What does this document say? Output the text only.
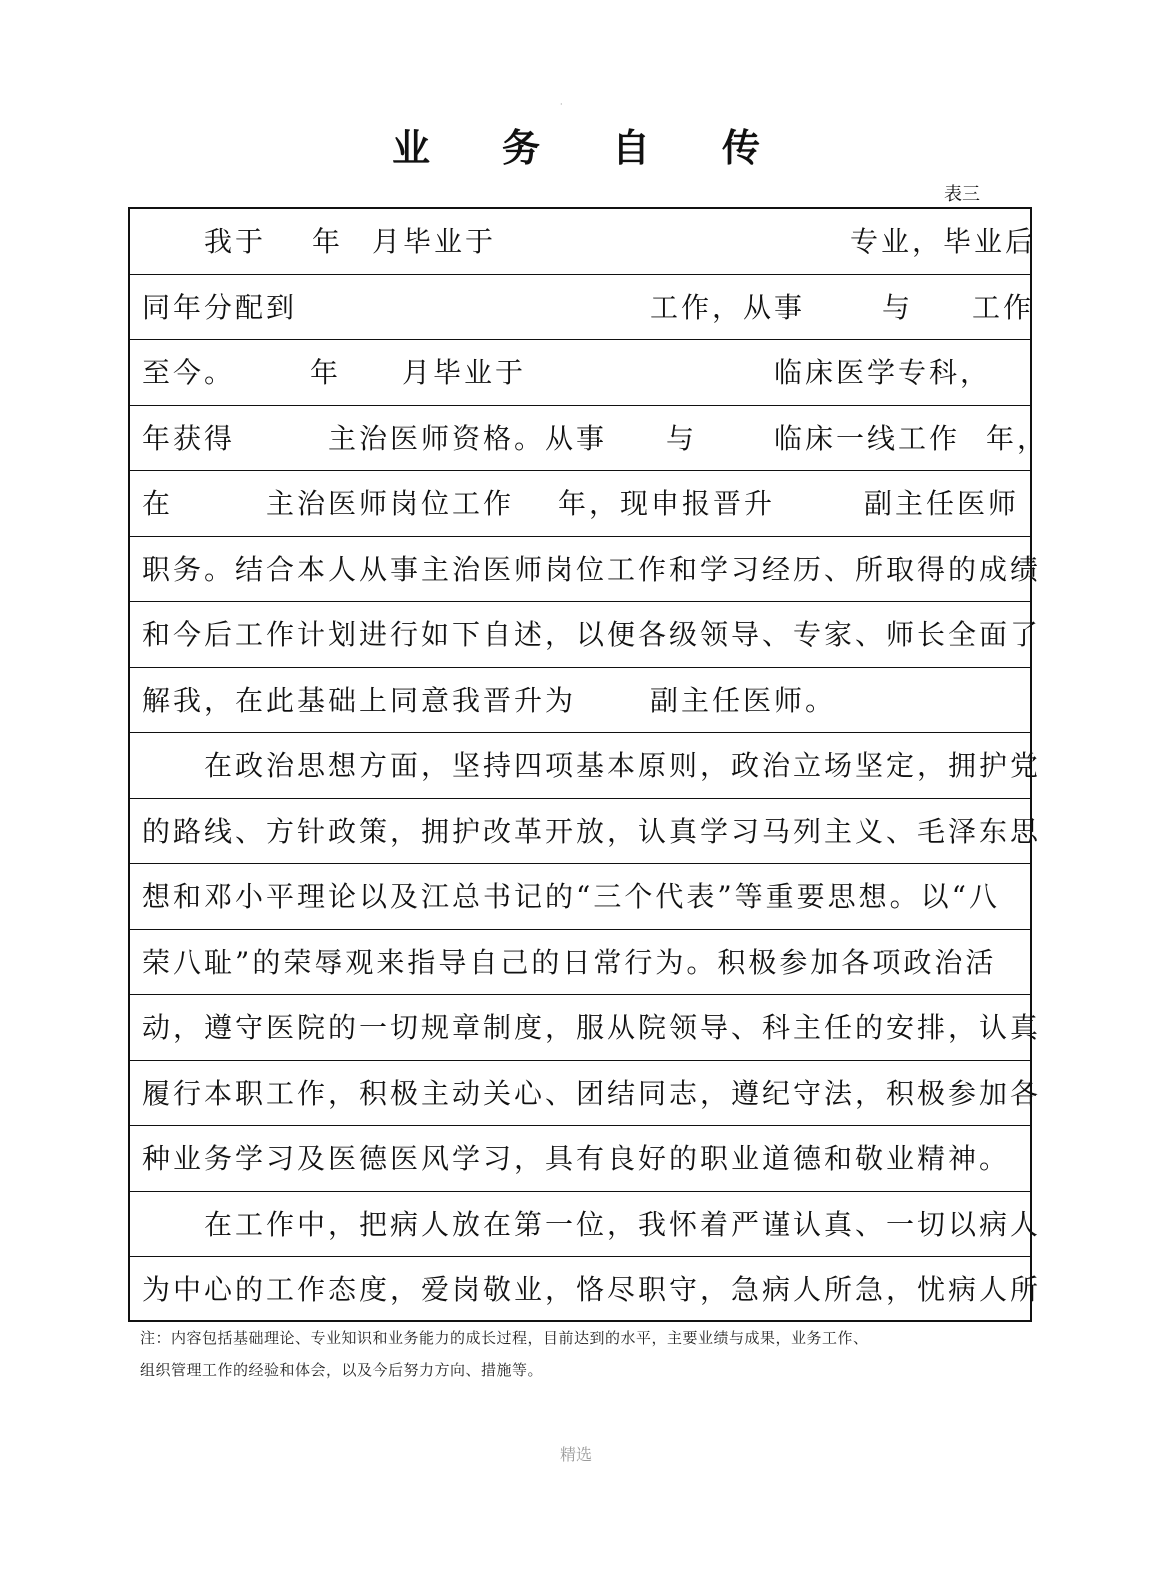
·
业务自传
表三
我于 年 月毕业于	专业，毕业后
同年分配到	工作，从事	与 工作
至今。	年 月毕业于	临床医学专科，
年获得	主治医师资格。从事 与	临床一线工作 年，
在	主治医师岗位工作 年，现申报晋升	副主任医师
职务。结合本人从事主治医师岗位工作和学习经历、所取得的成绩
和今后工作计划进行如下自述，以便各级领导、专家、师长全面了
解我，在此基础上同意我晋升为	副主任医师。
在政治思想方面，坚持四项基本原则，政治立场坚定，拥护党
的路线、方针政策，拥护改革开放，认真学习马列主义、毛泽东思
想和邓小平理论以及江总书记的“三个代表”等重要思想。以“八
荣八耻”的荣辱观来指导自己的日常行为。积极参加各项政治活
动，遵守医院的一切规章制度，服从院领导、科主任的安排，认真
履行本职工作，积极主动关心、团结同志，遵纪守法，积极参加各
种业务学习及医德医风学习，具有良好的职业道德和敬业精神。
在工作中，把病人放在第一位，我怀着严谨认真、一切以病人
为中心的工作态度，爱岗敬业，恪尽职守，急病人所急，忧病人所
注：内容包括基础理论、专业知识和业务能力的成长过程，目前达到的水平，主要业绩与成果，业务工作、
组织管理工作的经验和体会，以及今后努力方向、措施等。
精选
